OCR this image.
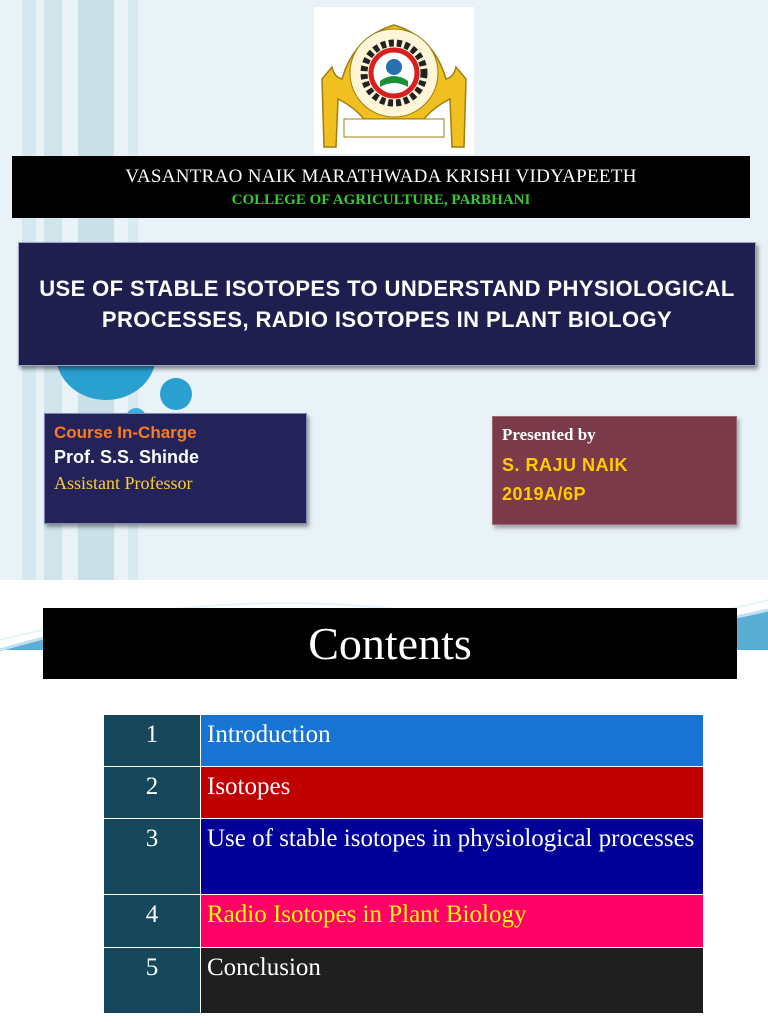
VASANTRAO NAIK MARATHWADA KRISHI VIDYAPEETH
COLLEGE OF AGRICULTURE, PARBHANI
USE OF STABLE ISOTOPES TO UNDERSTAND PHYSIOLOGICAL PROCESSES, RADIO ISOTOPES IN PLANT BIOLOGY
Course In-Charge
Prof. S.S. Shinde
Assistant Professor
Presented by
S. RAJU NAIK
2019A/6P
Contents
1	Introduction
2	Isotopes
3	Use of stable isotopes in physiological processes
4	Radio Isotopes in Plant Biology
5	Conclusion
